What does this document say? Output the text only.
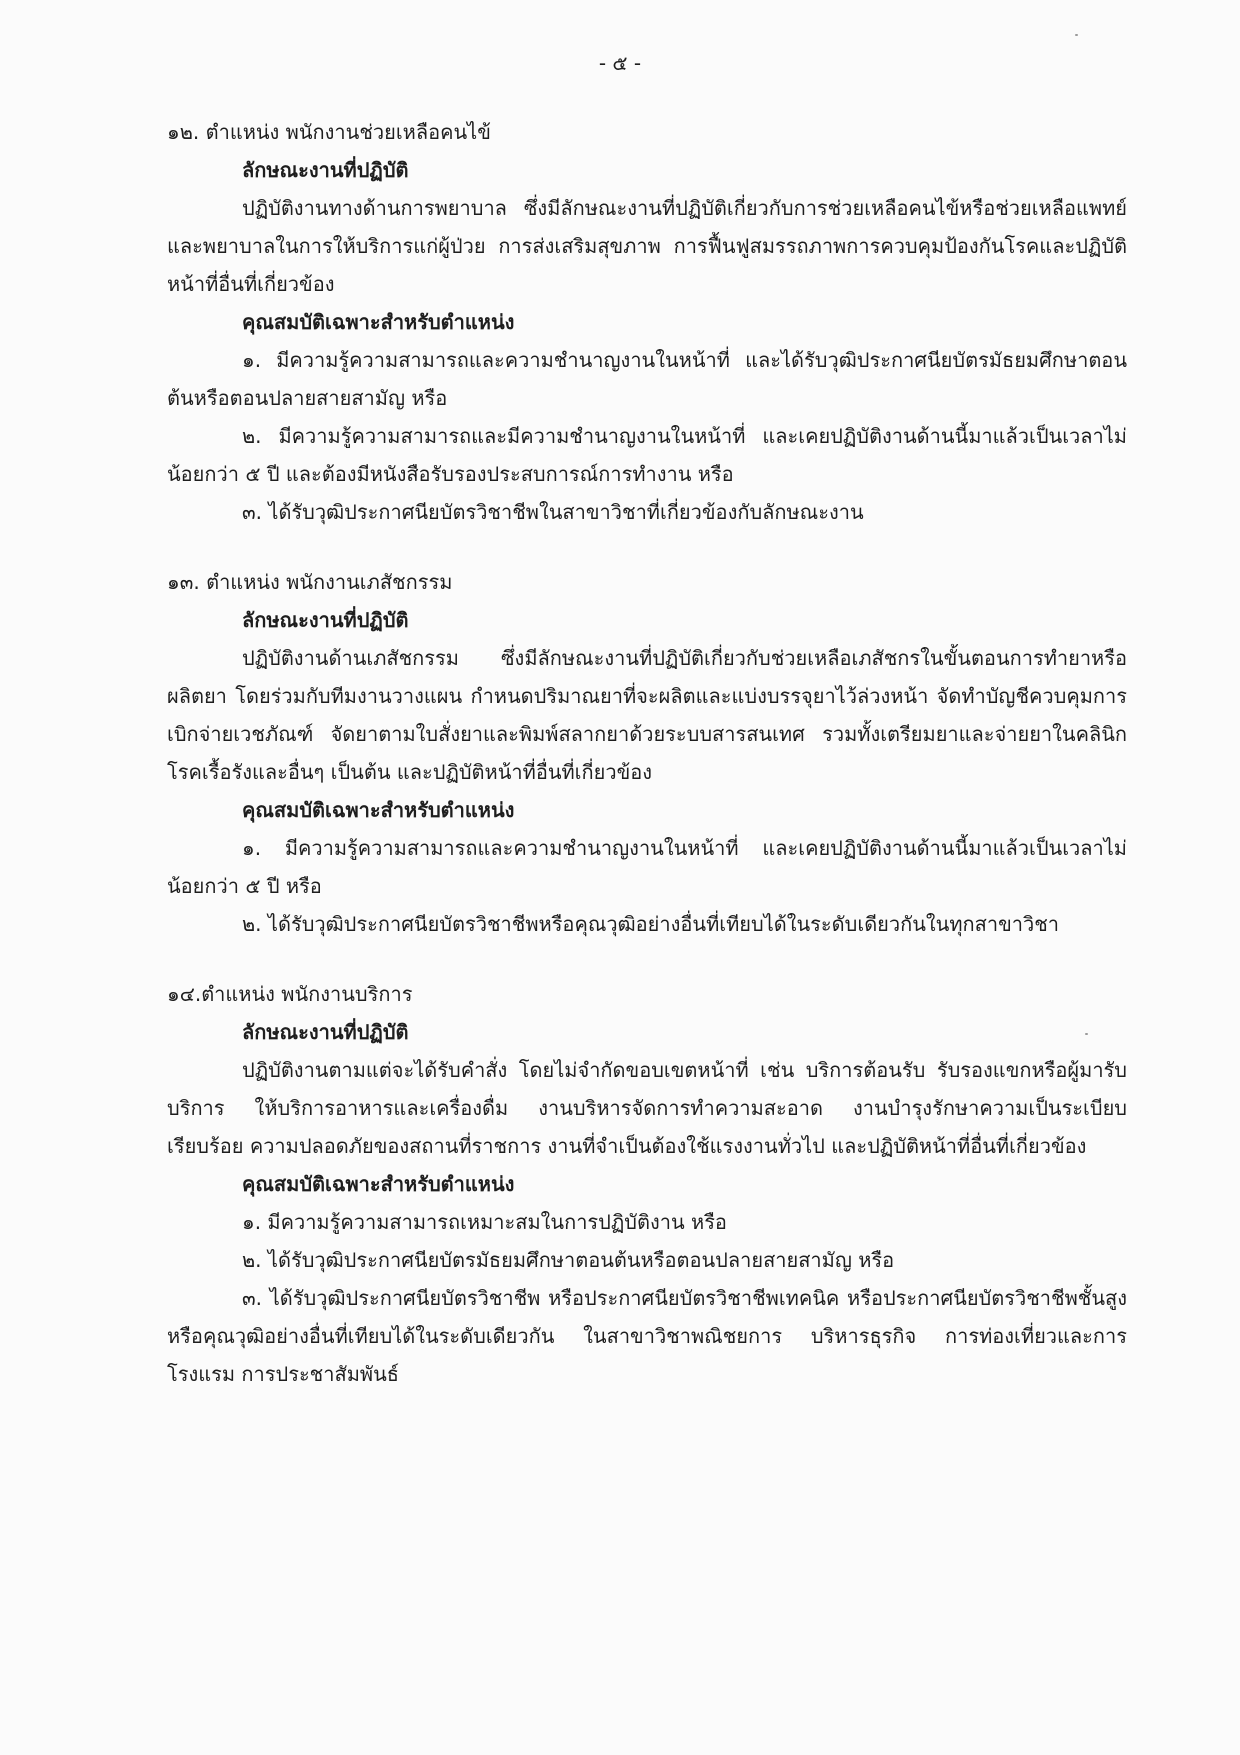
- ๕ -

๑๒. ตำแหน่ง พนักงานช่วยเหลือคนไข้

ลักษณะงานที่ปฏิบัติ

ปฏิบัติงานทางด้านการพยาบาล ซึ่งมีลักษณะงานที่ปฏิบัติเกี่ยวกับการช่วยเหลือคนไข้หรือช่วยเหลือแพทย์และพยาบาลในการให้บริการแก่ผู้ป่วย การส่งเสริมสุขภาพ การฟื้นฟูสมรรถภาพการควบคุมป้องกันโรคและปฏิบัติหน้าที่อื่นที่เกี่ยวข้อง

คุณสมบัติเฉพาะสำหรับตำแหน่ง

๑. มีความรู้ความสามารถและความชำนาญงานในหน้าที่ และได้รับวุฒิประกาศนียบัตรมัธยมศึกษาตอนต้นหรือตอนปลายสายสามัญ หรือ

๒. มีความรู้ความสามารถและมีความชำนาญงานในหน้าที่ และเคยปฏิบัติงานด้านนี้มาแล้วเป็นเวลาไม่น้อยกว่า ๕ ปี และต้องมีหนังสือรับรองประสบการณ์การทำงาน หรือ

๓. ได้รับวุฒิประกาศนียบัตรวิชาชีพในสาขาวิชาที่เกี่ยวข้องกับลักษณะงาน

๑๓. ตำแหน่ง พนักงานเภสัชกรรม

ลักษณะงานที่ปฏิบัติ

ปฏิบัติงานด้านเภสัชกรรม ซึ่งมีลักษณะงานที่ปฏิบัติเกี่ยวกับช่วยเหลือเภสัชกรในขั้นตอนการทำยาหรือผลิตยา โดยร่วมกับทีมงานวางแผน กำหนดปริมาณยาที่จะผลิตและแบ่งบรรจุยาไว้ล่วงหน้า จัดทำบัญชีควบคุมการเบิกจ่ายเวชภัณฑ์ จัดยาตามใบสั่งยาและพิมพ์สลากยาด้วยระบบสารสนเทศ รวมทั้งเตรียมยาและจ่ายยาในคลินิกโรคเรื้อรังและอื่นๆ เป็นต้น และปฏิบัติหน้าที่อื่นที่เกี่ยวข้อง

คุณสมบัติเฉพาะสำหรับตำแหน่ง

๑. มีความรู้ความสามารถและความชำนาญงานในหน้าที่ และเคยปฏิบัติงานด้านนี้มาแล้วเป็นเวลาไม่น้อยกว่า ๕ ปี หรือ

๒. ได้รับวุฒิประกาศนียบัตรวิชาชีพหรือคุณวุฒิอย่างอื่นที่เทียบได้ในระดับเดียวกันในทุกสาขาวิชา

๑๔.ตำแหน่ง พนักงานบริการ

ลักษณะงานที่ปฏิบัติ

ปฏิบัติงานตามแต่จะได้รับคำสั่ง โดยไม่จำกัดขอบเขตหน้าที่ เช่น บริการต้อนรับ รับรองแขกหรือผู้มารับบริการ ให้บริการอาหารและเครื่องดื่ม งานบริหารจัดการทำความสะอาด งานบำรุงรักษาความเป็นระเบียบเรียบร้อย ความปลอดภัยของสถานที่ราชการ งานที่จำเป็นต้องใช้แรงงานทั่วไป และปฏิบัติหน้าที่อื่นที่เกี่ยวข้อง

คุณสมบัติเฉพาะสำหรับตำแหน่ง

๑. มีความรู้ความสามารถเหมาะสมในการปฏิบัติงาน หรือ

๒. ได้รับวุฒิประกาศนียบัตรมัธยมศึกษาตอนต้นหรือตอนปลายสายสามัญ หรือ

๓. ได้รับวุฒิประกาศนียบัตรวิชาชีพ หรือประกาศนียบัตรวิชาชีพเทคนิค หรือประกาศนียบัตรวิชาชีพชั้นสูง หรือคุณวุฒิอย่างอื่นที่เทียบได้ในระดับเดียวกัน ในสาขาวิชาพณิชยการ บริหารธุรกิจ การท่องเที่ยวและการโรงแรม การประชาสัมพันธ์
